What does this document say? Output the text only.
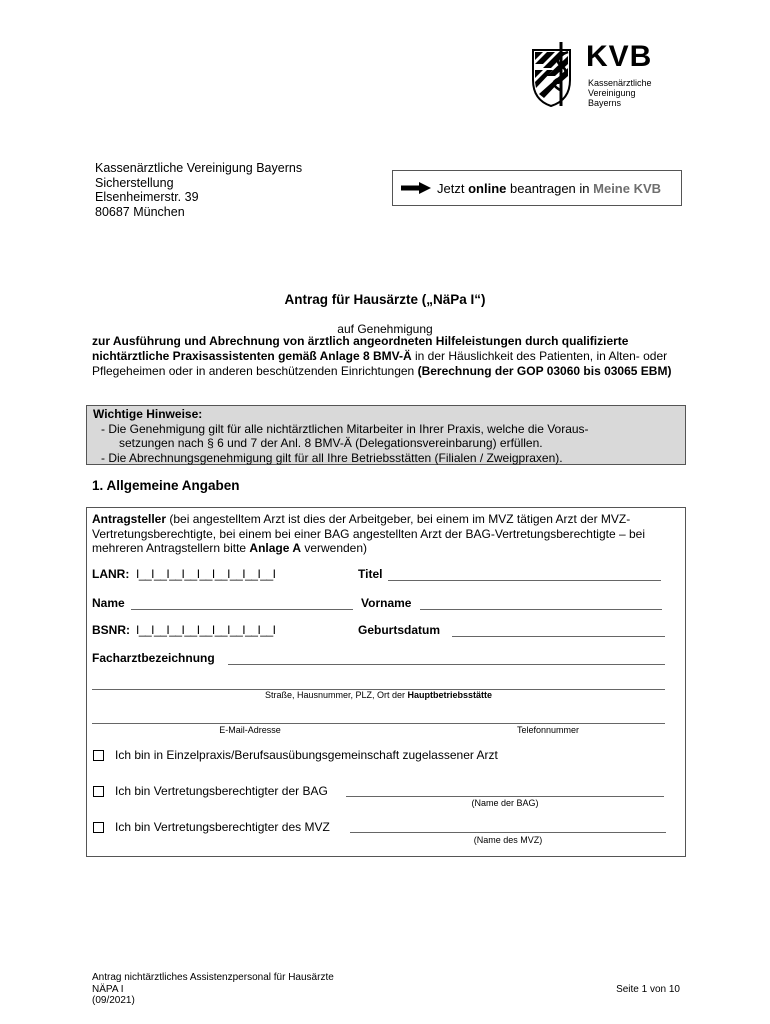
KVB
Kassenärztliche
Vereinigung
Bayerns
Kassenärztliche Vereinigung Bayerns
Sicherstellung
Elsenheimerstr. 39
80687 München
Jetzt
online
beantragen in
Meine KVB
Antrag für Hausärzte („NäPa I“)
auf Genehmigung
zur Ausführung und Abrechnung von ärztlich angeordneten Hilfeleistungen durch qualifizierte nichtärztliche Praxisassistenten gemäß Anlage 8 BMV-Ä in der Häuslichkeit des Patienten, in Alten- oder Pflegeheimen oder in anderen beschützenden Einrichtungen (Berechnung der GOP 03060 bis 03065 EBM)
Wichtige Hinweise:
- Die Genehmigung gilt für alle nichtärztlichen Mitarbeiter in Ihrer Praxis, welche die Voraus-
setzungen nach § 6 und 7 der Anl. 8 BMV-Ä (Delegationsvereinbarung) erfüllen.
- Die Abrechnungsgenehmigung gilt für all Ihre Betriebsstätten (Filialen / Zweigpraxen).
1. Allgemeine Angaben
Antragsteller (bei angestelltem Arzt ist dies der Arbeitgeber, bei einem im MVZ tätigen Arzt der MVZ-Vertretungsberechtigte, bei einem bei einer BAG angestellten Arzt der BAG-Vertretungsberechtigte – bei mehreren Antragstellern bitte Anlage A verwenden)
LANR: I__I__I__I__I__I__I__I__I__I	Titel
Name	Vorname
BSNR: I__I__I__I__I__I__I__I__I__I	Geburtsdatum
Facharztbezeichnung
Straße, Hausnummer, PLZ, Ort der Hauptbetriebsstätte
E-Mail-Adresse	Telefonnummer
Ich bin in Einzelpraxis/Berufsausübungsgemeinschaft zugelassener Arzt
Ich bin Vertretungsberechtigter der BAG
(Name der BAG)
Ich bin Vertretungsberechtigter des MVZ
(Name des MVZ)
Antrag nichtärztliches Assistenzpersonal für Hausärzte
NÄPA I
(09/2021)
Seite 1 von 10
